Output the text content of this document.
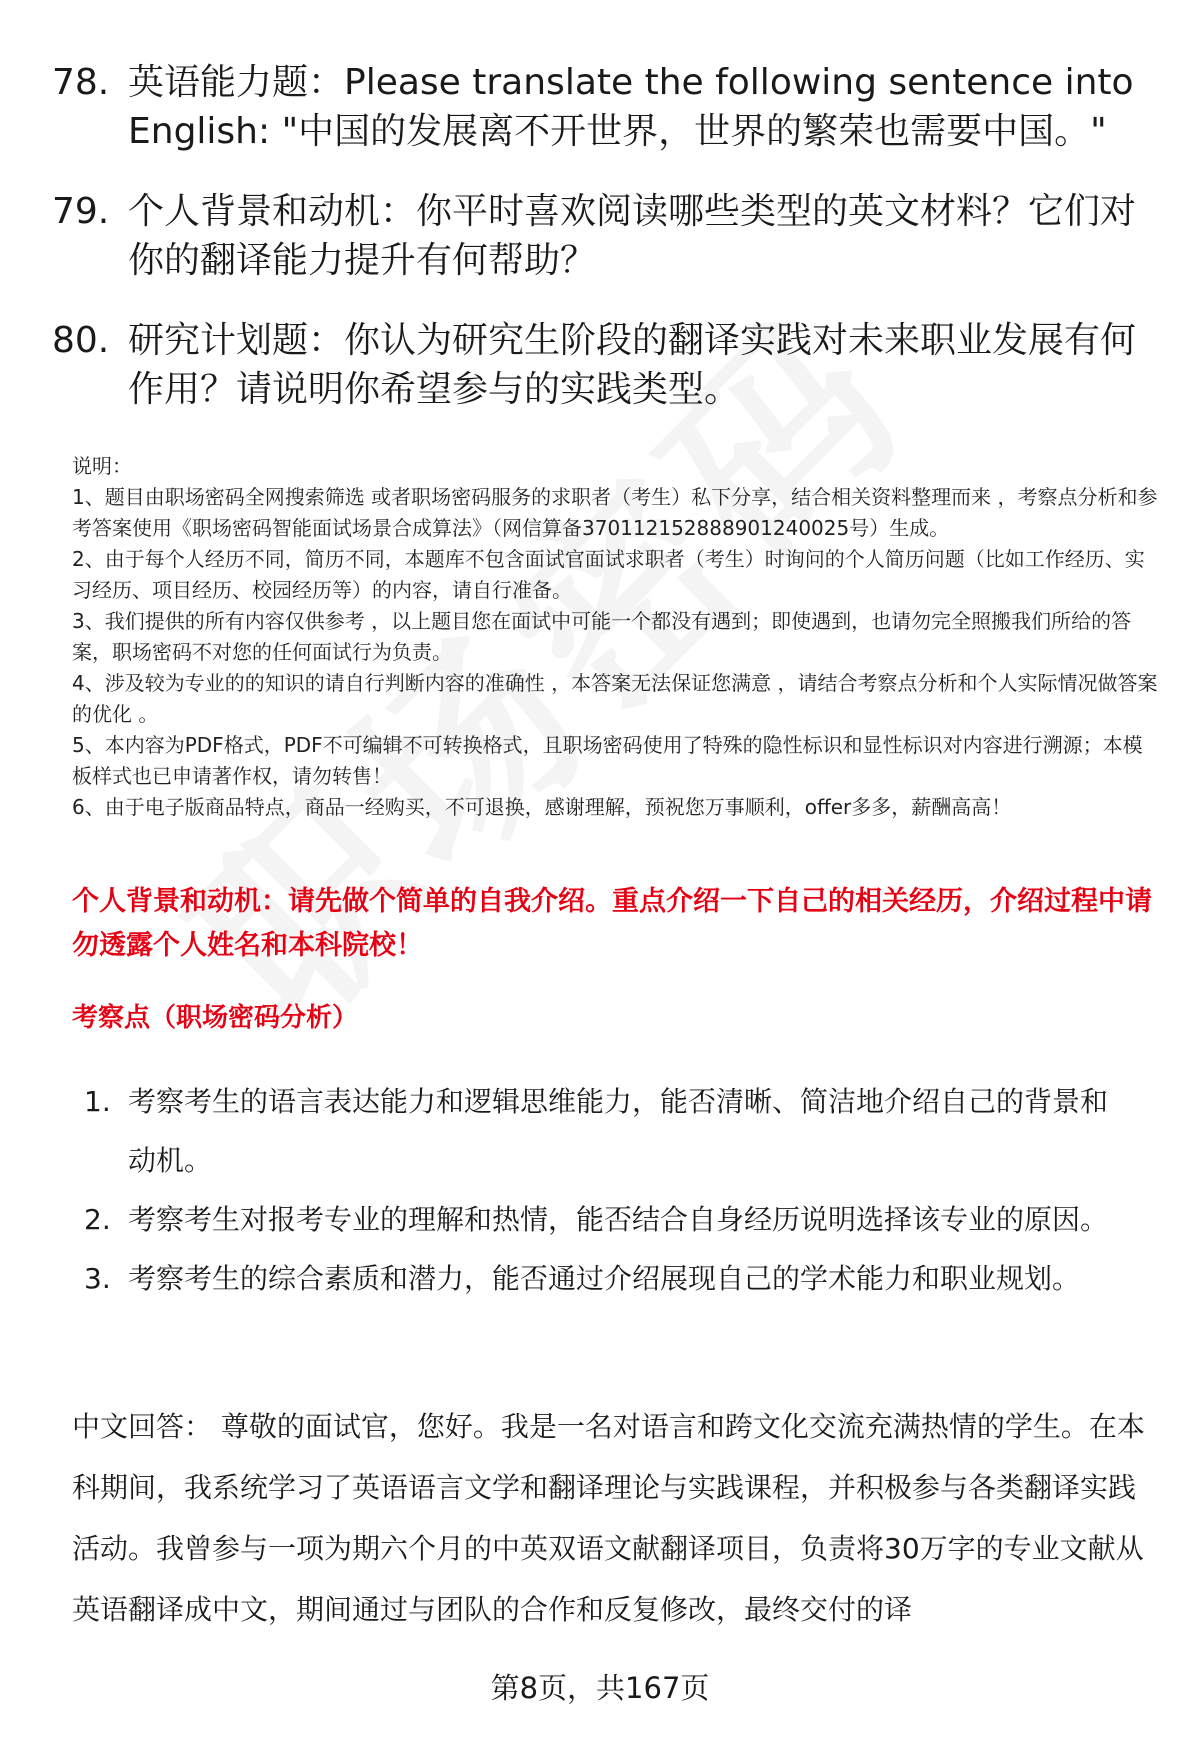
78. 英语能力题：Please translate the following sentence into English: "中国的发展离不开世界，世界的繁荣也需要中国。"
79. 个人背景和动机：你平时喜欢阅读哪些类型的英文材料？它们对你的翻译能力提升有何帮助？
80. 研究计划题：你认为研究生阶段的翻译实践对未来职业发展有何作用？请说明你希望参与的实践类型。

说明：

1、题目由职场密码全网搜索筛选 或者职场密码服务的求职者（考生）私下分享，结合相关资料整理而来 ，考察点分析和参考答案使用《职场密码智能面试场景合成算法》（网信算备370112152888901240025号）生成。

2、由于每个人经历不同，简历不同，本题库不包含面试官面试求职者（考生）时询问的个人简历问题（比如工作经历、实习经历、项目经历、校园经历等）的内容，请自行准备。

3、我们提供的所有内容仅供参考 ，以上题目您在面试中可能一个都没有遇到；即使遇到，也请勿完全照搬我们所给的答案，职场密码不对您的任何面试行为负责。

4、涉及较为专业的的知识的请自行判断内容的准确性 ，本答案无法保证您满意 ，请结合考察点分析和个人实际情况做答案的优化 。

5、本内容为PDF格式，PDF不可编辑不可转换格式，且职场密码使用了特殊的隐性标识和显性标识对内容进行溯源；本模板样式也已申请著作权，请勿转售！

6、由于电子版商品特点，商品一经购买，不可退换，感谢理解，预祝您万事顺利，offer多多，薪酬高高！

个人背景和动机：请先做个简单的自我介绍。重点介绍一下自己的相关经历，介绍过程中请勿透露个人姓名和本科院校！
考察点（职场密码分析）
1. 考察考生的语言表达能力和逻辑思维能力，能否清晰、简洁地介绍自己的背景和动机。
2. 考察考生对报考专业的理解和热情，能否结合自身经历说明选择该专业的原因。
3. 考察考生的综合素质和潜力，能否通过介绍展现自己的学术能力和职业规划。
中文回答： 尊敬的面试官，您好。我是一名对语言和跨文化交流充满热情的学生。在本科期间，我系统学习了英语语言文学和翻译理论与实践课程，并积极参与各类翻译实践活动。我曾参与一项为期六个月的中英双语文献翻译项目，负责将30万字的专业文献从英语翻译成中文，期间通过与团队的合作和反复修改，最终交付的译
第8页，共167页
